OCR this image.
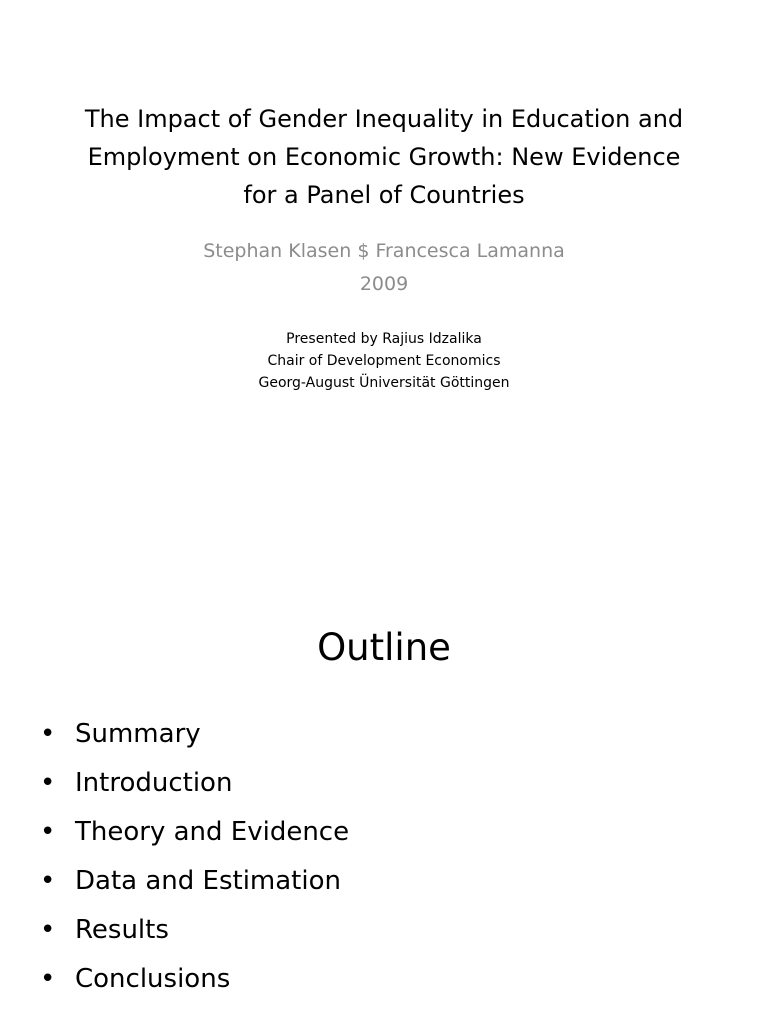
The Impact of Gender Inequality in Education and
Employment on Economic Growth: New Evidence
for a Panel of Countries
Stephan Klasen $ Francesca Lamanna
2009
Presented by Rajius Idzalika
Chair of Development Economics
Georg-August Üniversität Göttingen
Outline
• Summary
• Introduction
• Theory and Evidence
• Data and Estimation
• Results
• Conclusions
